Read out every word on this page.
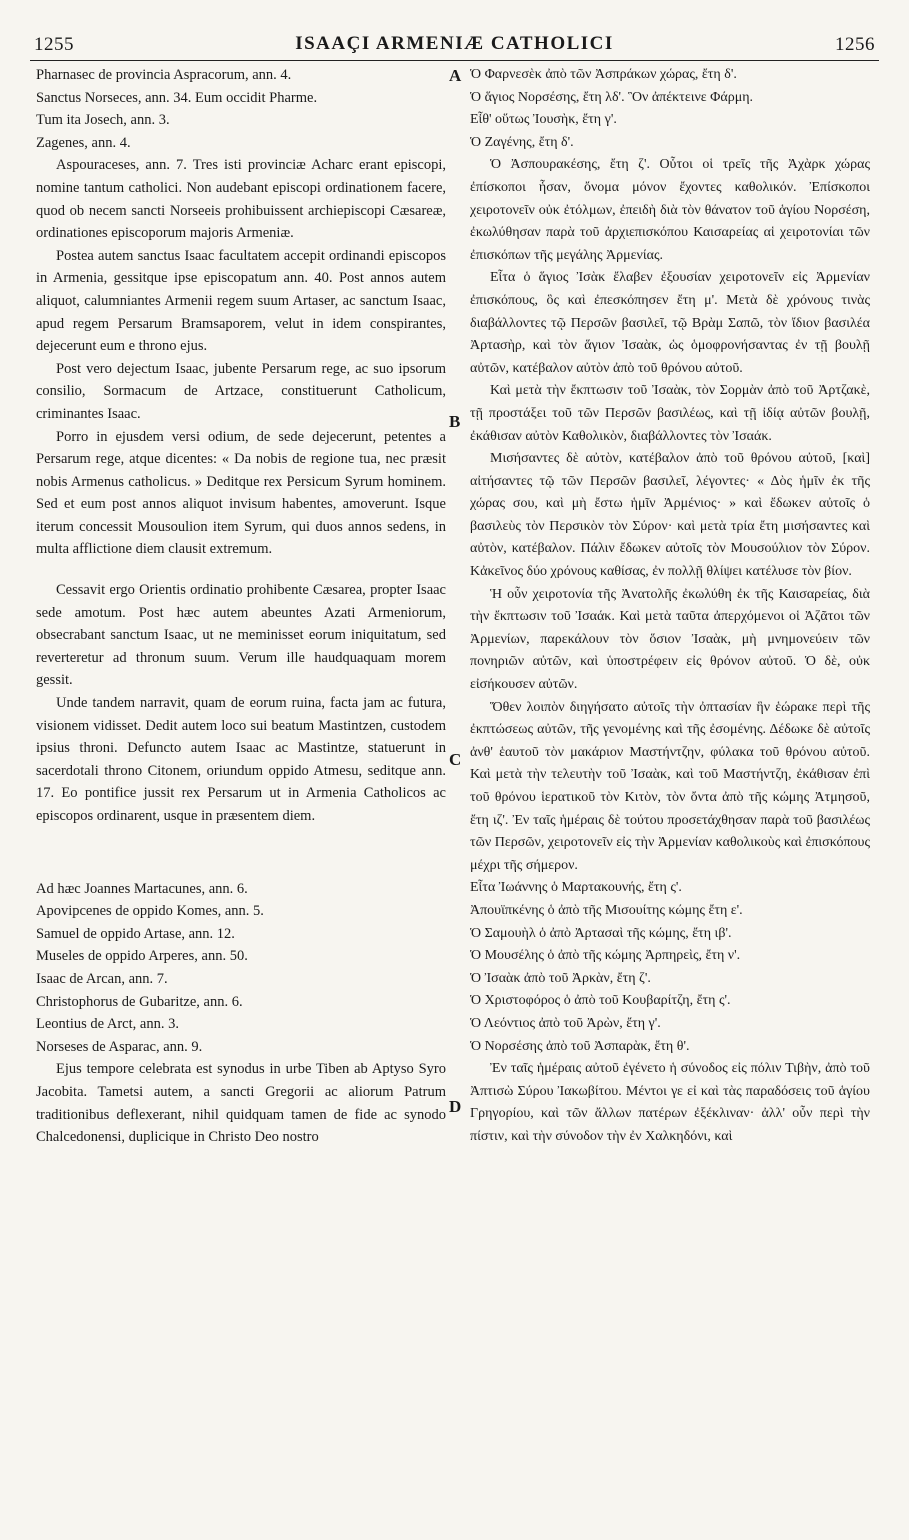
1255	ISAAÇI ARMENIÆ CATHOLICI	1256
A
B
C
D

Pharnasec de provincia Aspracorum, ann. 4.

Sanctus Norseces, ann. 34. Eum occidit Pharme.

Tum ita Josech, ann. 3.

Zagenes, ann. 4.

Aspouraceses, ann. 7. Tres isti provinciæ Acharc erant episcopi, nomine tantum catholici. Non audebant episcopi ordinationem facere, quod ob necem sancti Norseeis prohibuissent archiepiscopi Cæsareæ, ordinationes episcoporum majoris Armeniæ.

Postea autem sanctus Isaac facultatem accepit ordinandi episcopos in Armenia, gessitque ipse episcopatum ann. 40. Post annos autem aliquot, calumniantes Armenii regem suum Artaser, ac sanctum Isaac, apud regem Persarum Bramsaporem, velut in idem conspirantes, dejecerunt eum e throno ejus.

Post vero dejectum Isaac, jubente Persarum rege, ac suo ipsorum consilio, Sormacum de Artzace, constituerunt Catholicum, criminantes Isaac.

Porro in ejusdem versi odium, de sede dejecerunt, petentes a Persarum rege, atque dicentes: « Da nobis de regione tua, nec præsit nobis Armenus catholicus. » Deditque rex Persicum Syrum hominem. Sed et eum post annos aliquot invisum habentes, amoverunt. Isque iterum concessit Mousoulion item Syrum, qui duos annos sedens, in multa afflictione diem clausit extremum.

Cessavit ergo Orientis ordinatio prohibente Cæsarea, propter Isaac sede amotum. Post hæc autem abeuntes Azati Armeniorum, obsecrabant sanctum Isaac, ut ne meminisset eorum iniquitatum, sed reverteretur ad thronum suum. Verum ille haudquaquam morem gessit.

Unde tandem narravit, quam de eorum ruina, facta jam ac futura, visionem vidisset. Dedit autem loco sui beatum Mastintzen, custodem ipsius throni. Defuncto autem Isaac ac Mastintze, statuerunt in sacerdotali throno Citonem, oriundum oppido Atmesu, seditque ann. 17. Eo pontifice jussit rex Persarum ut in Armenia Catholicos ac episcopos ordinarent, usque in præsentem diem.

Ad hæc Joannes Martacunes, ann. 6.

Apovipcenes de oppido Komes, ann. 5.

Samuel de oppido Artase, ann. 12.

Museles de oppido Arperes, ann. 50.

Isaac de Arcan, ann. 7.

Christophorus de Gubaritze, ann. 6.

Leontius de Arct, ann. 3.

Norseses de Asparac, ann. 9.

Ejus tempore celebrata est synodus in urbe Tiben ab Aptyso Syro Jacobita. Tametsi autem, a sancti Gregorii ac aliorum Patrum traditionibus deflexerant, nihil quidquam tamen de fide ac synodo Chalcedonensi, duplicique in Christo Deo nostro

Ὁ Φαρνεσὲκ ἀπὸ τῶν Ἀσπράκων χώρας, ἔτη δ'.

Ὁ ἅγιος Νορσέσης, ἔτη λδ'. Ὃν ἀπέκτεινε Φάρμη.

Εἶθ' οὕτως Ἰουσὴκ, ἔτη γ'.

Ὁ Ζαγένης, ἔτη δ'.

Ὁ Ἀσπουρακέσης, ἔτη ζ'. Οὗτοι οἱ τρεῖς τῆς Ἀχὰρκ χώρας ἐπίσκοποι ἦσαν, ὄνομα μόνον ἔχοντες καθολικόν. Ἐπίσκοποι χειροτονεῖν οὐκ ἐτόλμων, ἐπειδὴ διὰ τὸν θάνατον τοῦ ἁγίου Νορσέση, ἐκωλύθησαν παρὰ τοῦ ἀρχιεπισκόπου Καισαρείας αἱ χειροτονίαι τῶν ἐπισκόπων τῆς μεγάλης Ἀρμενίας.

Εἶτα ὁ ἅγιος Ἰσὰκ ἔλαβεν ἐξουσίαν χειροτονεῖν εἰς Ἀρμενίαν ἐπισκόπους, ὃς καὶ ἐπεσκόπησεν ἔτη μ'. Μετὰ δὲ χρόνους τινὰς διαβάλλοντες τῷ Περσῶν βασιλεῖ, τῷ Βρὰμ Σαπῶ, τὸν ἴδιον βασιλέα Ἀρτασὴρ, καὶ τὸν ἅγιον Ἰσαὰκ, ὡς ὁμοφρονήσαντας ἐν τῇ βουλῇ αὐτῶν, κατέβαλον αὐτὸν ἀπὸ τοῦ θρόνου αὐτοῦ.

Καὶ μετὰ τὴν ἔκπτωσιν τοῦ Ἰσαὰκ, τὸν Σορμὰν ἀπὸ τοῦ Ἀρτζακὲ, τῇ προστάξει τοῦ τῶν Περσῶν βασιλέως, καὶ τῇ ἰδίᾳ αὐτῶν βουλῇ, ἐκάθισαν αὐτὸν Καθολικὸν, διαβάλλοντες τὸν Ἰσαάκ.

Μισήσαντες δὲ αὐτὸν, κατέβαλον ἀπὸ τοῦ θρόνου αὐτοῦ, [καὶ] αἰτήσαντες τῷ τῶν Περσῶν βασιλεῖ, λέγοντες· « Δὸς ἡμῖν ἐκ τῆς χώρας σου, καὶ μὴ ἔστω ἡμῖν Ἀρμένιος· » καὶ ἔδωκεν αὐτοῖς ὁ βασιλεὺς τὸν Περσικὸν τὸν Σύρον· καὶ μετὰ τρία ἔτη μισήσαντες καὶ αὐτὸν, κατέβαλον. Πάλιν ἔδωκεν αὐτοῖς τὸν Μουσούλιον τὸν Σύρον. Κἀκεῖνος δύο χρόνους καθίσας, ἐν πολλῇ θλίψει κατέλυσε τὸν βίον.

Ἡ οὖν χειροτονία τῆς Ἀνατολῆς ἐκωλύθη ἐκ τῆς Καισαρείας, διὰ τὴν ἔκπτωσιν τοῦ Ἰσαάκ. Καὶ μετὰ ταῦτα ἀπερχόμενοι οἱ Ἀζᾶτοι τῶν Ἀρμενίων, παρεκάλουν τὸν ὅσιον Ἰσαὰκ, μὴ μνημονεύειν τῶν πονηριῶν αὐτῶν, καὶ ὑποστρέφειν εἰς θρόνον αὐτοῦ. Ὁ δὲ, οὐκ εἰσήκουσεν αὐτῶν.

Ὅθεν λοιπὸν διηγήσατο αὐτοῖς τὴν ὀπτασίαν ἣν ἑώρακε περὶ τῆς ἐκπτώσεως αὐτῶν, τῆς γενομένης καὶ τῆς ἐσομένης. Δέδωκε δὲ αὐτοῖς ἀνθ' ἑαυτοῦ τὸν μακάριον Μαστήντζην, φύλακα τοῦ θρόνου αὐτοῦ. Καὶ μετὰ τὴν τελευτὴν τοῦ Ἰσαὰκ, καὶ τοῦ Μαστήντζη, ἐκάθισαν ἐπὶ τοῦ θρόνου ἱερατικοῦ τὸν Κιτὸν, τὸν ὄντα ἀπὸ τῆς κώμης Ἀτμησοῦ, ἔτη ιζ'. Ἐν ταῖς ἡμέραις δὲ τούτου προσετάχθησαν παρὰ τοῦ βασιλέως τῶν Περσῶν, χειροτονεῖν εἰς τὴν Ἀρμενίαν καθολικοὺς καὶ ἐπισκόπους μέχρι τῆς σήμερον.

Εἶτα Ἰωάννης ὁ Μαρτακουνής, ἔτη ς'.

Ἀπουϊπκένης ὁ ἀπὸ τῆς Μισουίτης κώμης ἔτη ε'.

Ὁ Σαμουὴλ ὁ ἀπὸ Ἀρτασαὶ τῆς κώμης, ἔτη ιβ'.

Ὁ Μουσέλης ὁ ἀπὸ τῆς κώμης Ἀρπηρεὶς, ἔτη ν'.

Ὁ Ἰσαὰκ ἀπὸ τοῦ Ἀρκὰν, ἔτη ζ'.

Ὁ Χριστοφόρος ὁ ἀπὸ τοῦ Κουβαρίτζη, ἔτη ς'.

Ὁ Λεόντιος ἀπὸ τοῦ Ἀρὼν, ἔτη γ'.

Ὁ Νορσέσης ἀπὸ τοῦ Ἀσπαρὰκ, ἔτη θ'.

Ἐν ταῖς ἡμέραις αὐτοῦ ἐγένετο ἡ σύνοδος εἰς πόλιν Τιβὴν, ἀπὸ τοῦ Ἀπτισὼ Σύρου Ἰακωβίτου. Μέντοι γε εἰ καὶ τὰς παραδόσεις τοῦ ἁγίου Γρηγορίου, καὶ τῶν ἄλλων πατέρων ἐξέκλιναν· ἀλλ' οὖν περὶ τὴν πίστιν, καὶ τὴν σύνοδον τὴν ἐν Χαλκηδόνι, καὶ
